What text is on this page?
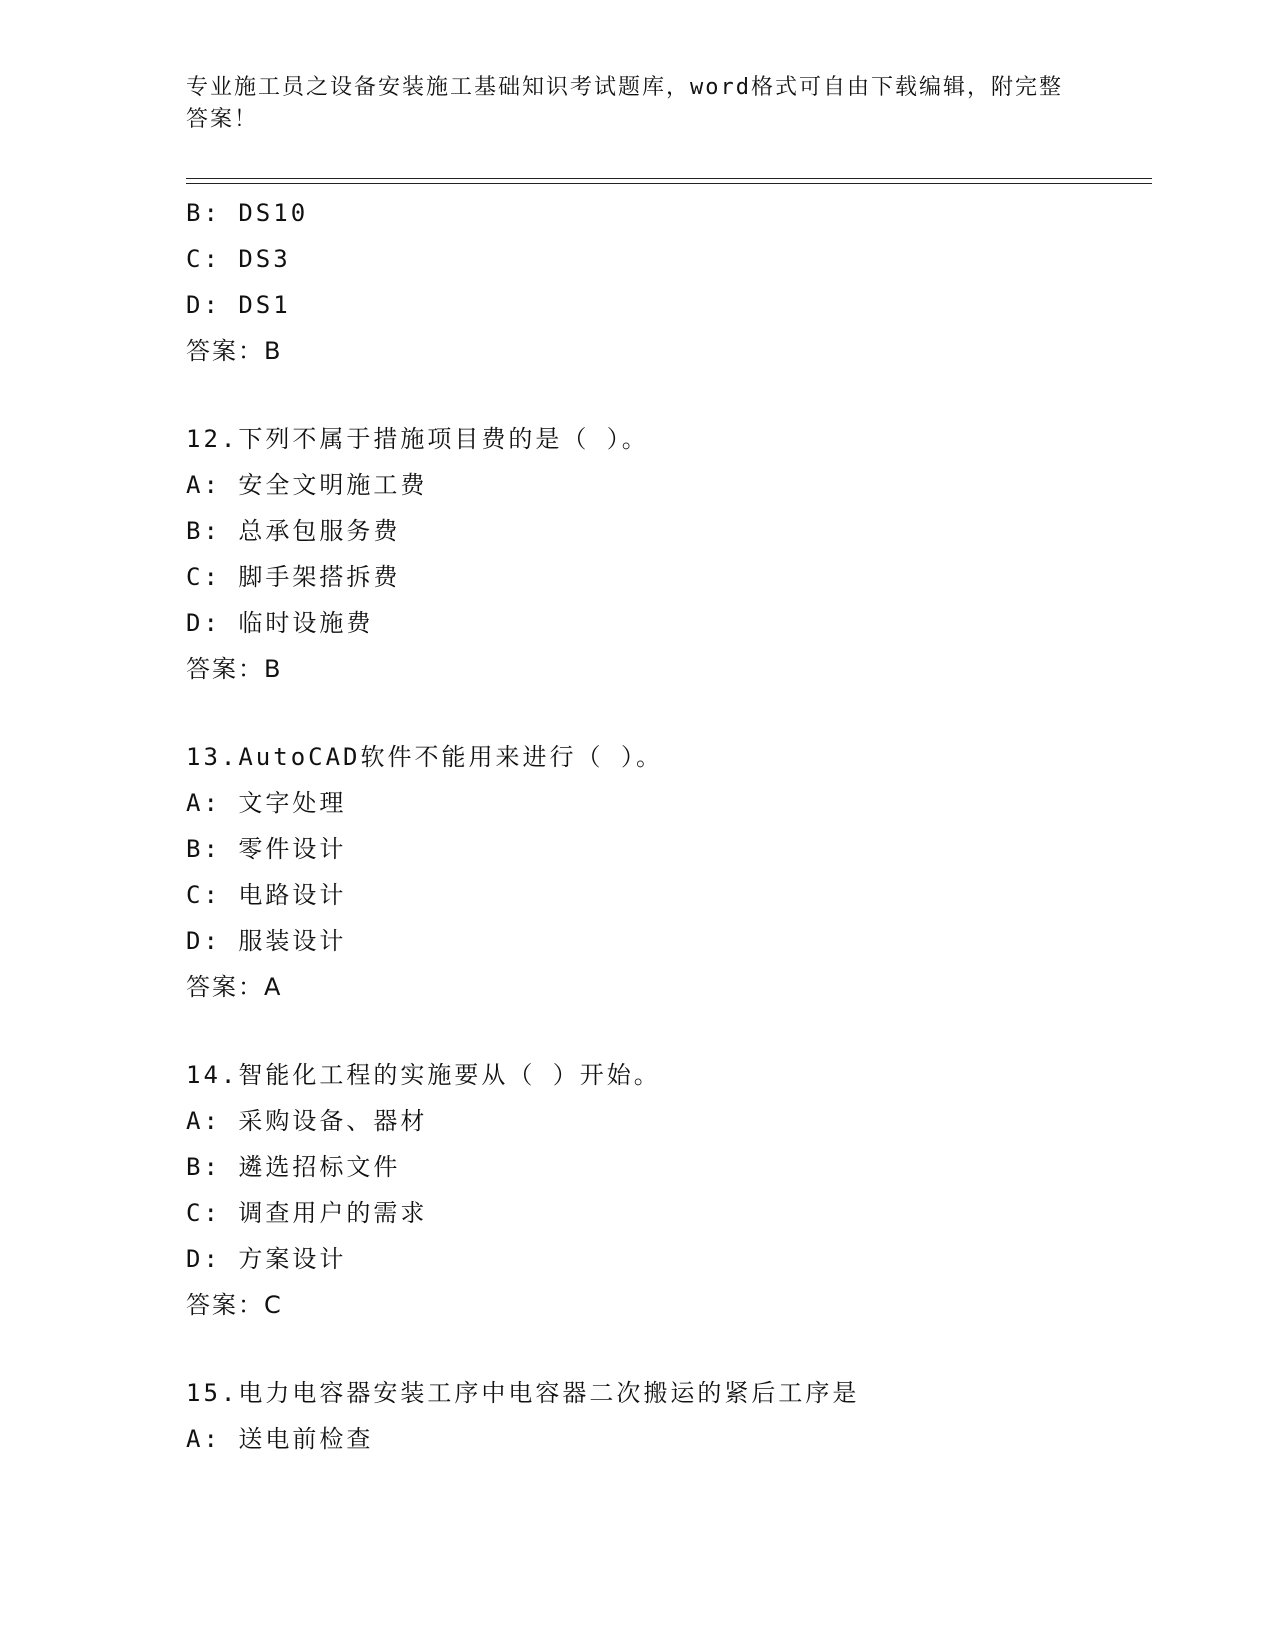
专业施工员之设备安装施工基础知识考试题库，word格式可自由下载编辑，附完整答案！
B: DS10
C: DS3
D: DS1
答案：B
12.下列不属于措施项目费的是（ ）。
A: 安全文明施工费
B: 总承包服务费
C: 脚手架搭拆费
D: 临时设施费
答案：B
13.AutoCAD软件不能用来进行（ ）。
A: 文字处理
B: 零件设计
C: 电路设计
D: 服装设计
答案：A
14.智能化工程的实施要从（ ）开始。
A: 采购设备、器材
B: 遴选招标文件
C: 调查用户的需求
D: 方案设计
答案：C
15.电力电容器安装工序中电容器二次搬运的紧后工序是
A: 送电前检查
